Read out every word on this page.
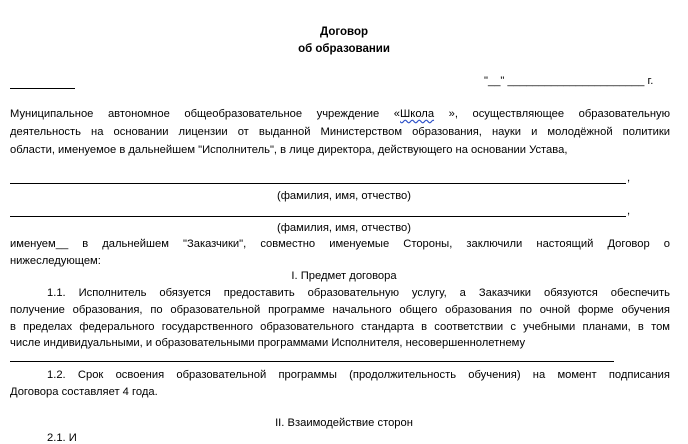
Договор
об образовании
"__" ______________________ г.
Муниципальное автономное общеобразовательное учреждение «Школа », осуществляющее образовательную
деятельность на основании лицензии от выданной Министерством образования, науки и молодёжной политики
области, именуемое в дальнейшем "Исполнитель", в лице директора, действующего на основании Устава,
,
(фамилия, имя, отчество)
,
(фамилия, имя, отчество)
именуем__ в дальнейшем "Заказчики", совместно именуемые Стороны, заключили настоящий Договор о
нижеследующем:
I. Предмет договора
1.1. Исполнитель обязуется предоставить образовательную услугу, а Заказчики обязуются обеспечить
получение образования, по образовательной программе начального общего образования по очной форме обучения
в пределах федерального государственного образовательного стандарта в соответствии с учебными планами, в том
числе индивидуальными, и образовательными программами Исполнителя, несовершеннолетнему
1.2. Срок освоения образовательной программы (продолжительность обучения) на момент подписания
Договора составляет 4 года.
II. Взаимодействие сторон
2.1. И
